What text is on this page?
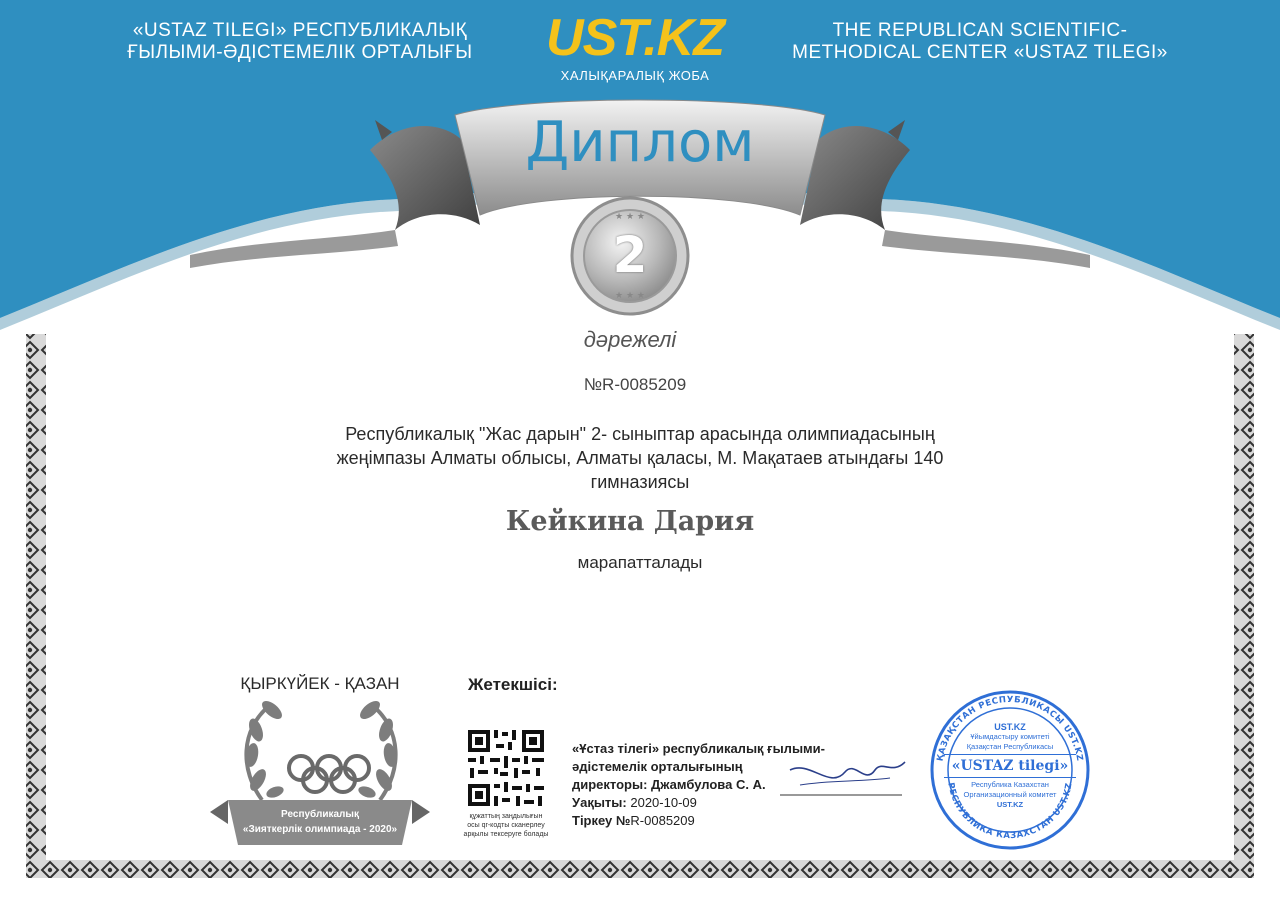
★ ★ ★
★ ★ ★
«USTAZ TILEGI» РЕСПУБЛИКАЛЫҚ
ҒЫЛЫМИ-ӘДІСТЕМЕЛІК ОРТАЛЫҒЫ	UST.KZ
ХАЛЫҚАРАЛЫҚ ЖОБА
THE REPUBLICAN SCIENTIFIC-
METHODICAL CENTER «USTAZ TILEGI»
Диплом
2
дәрежелі
№R-0085209
Республикалық "Жас дарын" 2- сыныптар арасында олимпиадасының
жеңімпазы Алматы облысы, Алматы қаласы, М. Мақатаев атындағы 140
гимназиясы
Кейкина Дария
марапатталады
ҚЫРКҮЙЕК - ҚАЗАН
Республикалық
«Зияткерлік олимпиада - 2020»
Жетекшісі:
құжаттың заңдылығын
осы qr-кодты сканерлеу
арқылы тексеруге болады
«Ұстаз тілегі» республикалық ғылыми-
әдістемелік орталығының
директоры: Джамбулова С. А.
Уақыты: 2020-10-09
Тіркеу №R-0085209
ҚАЗАҚСТАН РЕСПУБЛИКАСЫ UST.KZ
РЕСПУБЛИКА КАЗАХСТАН UST.KZ
UST.KZ
Ұйымдастыру комитеті
Қазақстан Республикасы
«USTAZ tilegi»
Республика Казахстан
Организационный комитет
UST.KZ
